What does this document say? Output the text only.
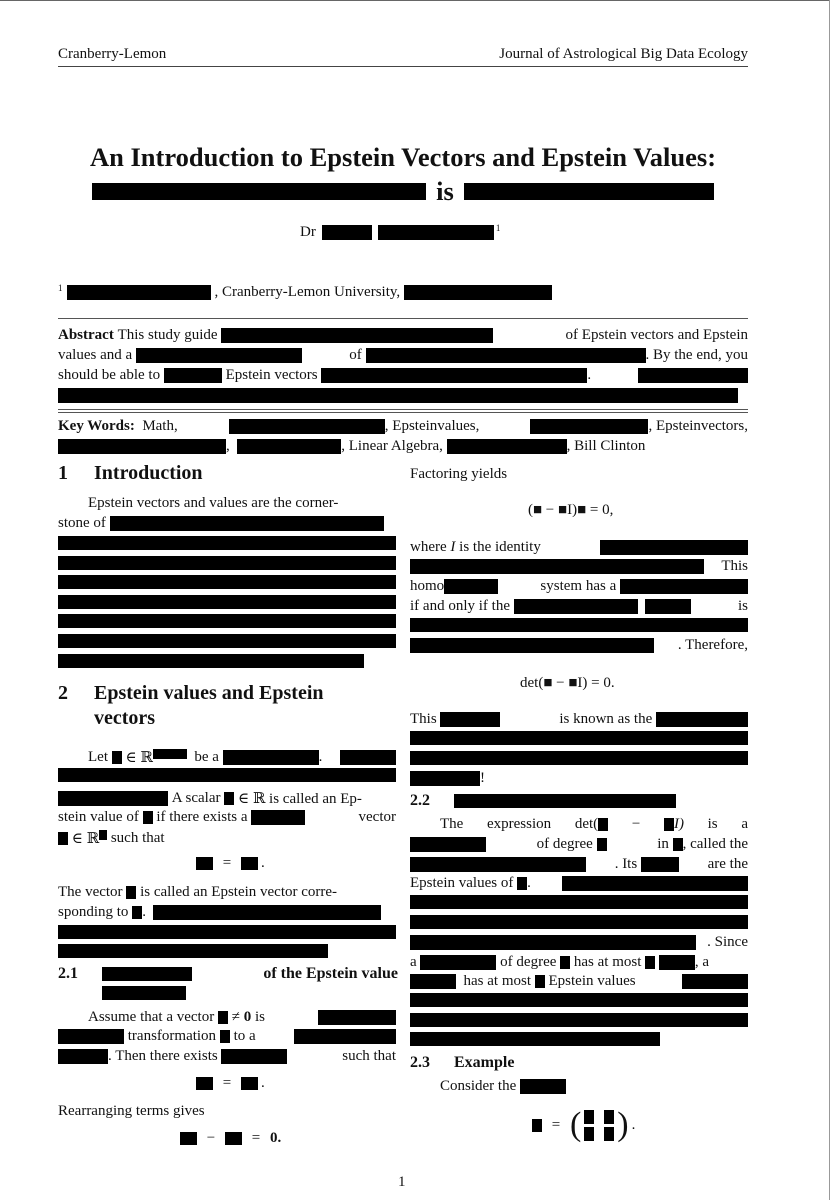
Cranberry-Lemon	Journal of Astrological Big Data Ecology
An Introduction to Epstein Vectors and Epstein Values:
is
Dr	$^1$
1	, Cranberry-Lemon University,
Abstract
This study guide
	of Epstein vectors and Epstein
values and a
	of
	. By the end, you
should be able to

	Epstein vectors
	.
Key Words:
Math,	, Epsteinvalues,	, Epsteinvectors,
,
	, Linear Algebra,
	, Bill Clinton
1 Introduction
Epstein vectors and values are the corner-
stone of

2	Epstein values and Epstein
vectors
Let

∈ ℝ
	be a
	.

A scalar

∈ ℝ is called an Ep-
stein value of

if there exists a
	vector

∈ ℝ
such that

=
.
The vector

is called an Epstein vector corre-
sponding to
.

2.1	of the Epstein value
Assume that a vector

≠
0
is

transformation

to a
. Then there exists
	such that

=
.
Rearranging terms gives

−

=
0.
Factoring yields
(■ − ■I)■ = 0,
where
I
is the identity
This
homo	system has a

if and only if the

	is
. Therefore,
det(■ − ■I) = 0.
This
	is known as the

!
2.2
The expression det( − I) is a
of degree
	in
, called the
. Its
	are the
Epstein values of
.
. Since
a

	of degree

has at most

	, a

has at most

Epstein values
2.3 Example
Consider the

=
(
) .
1
